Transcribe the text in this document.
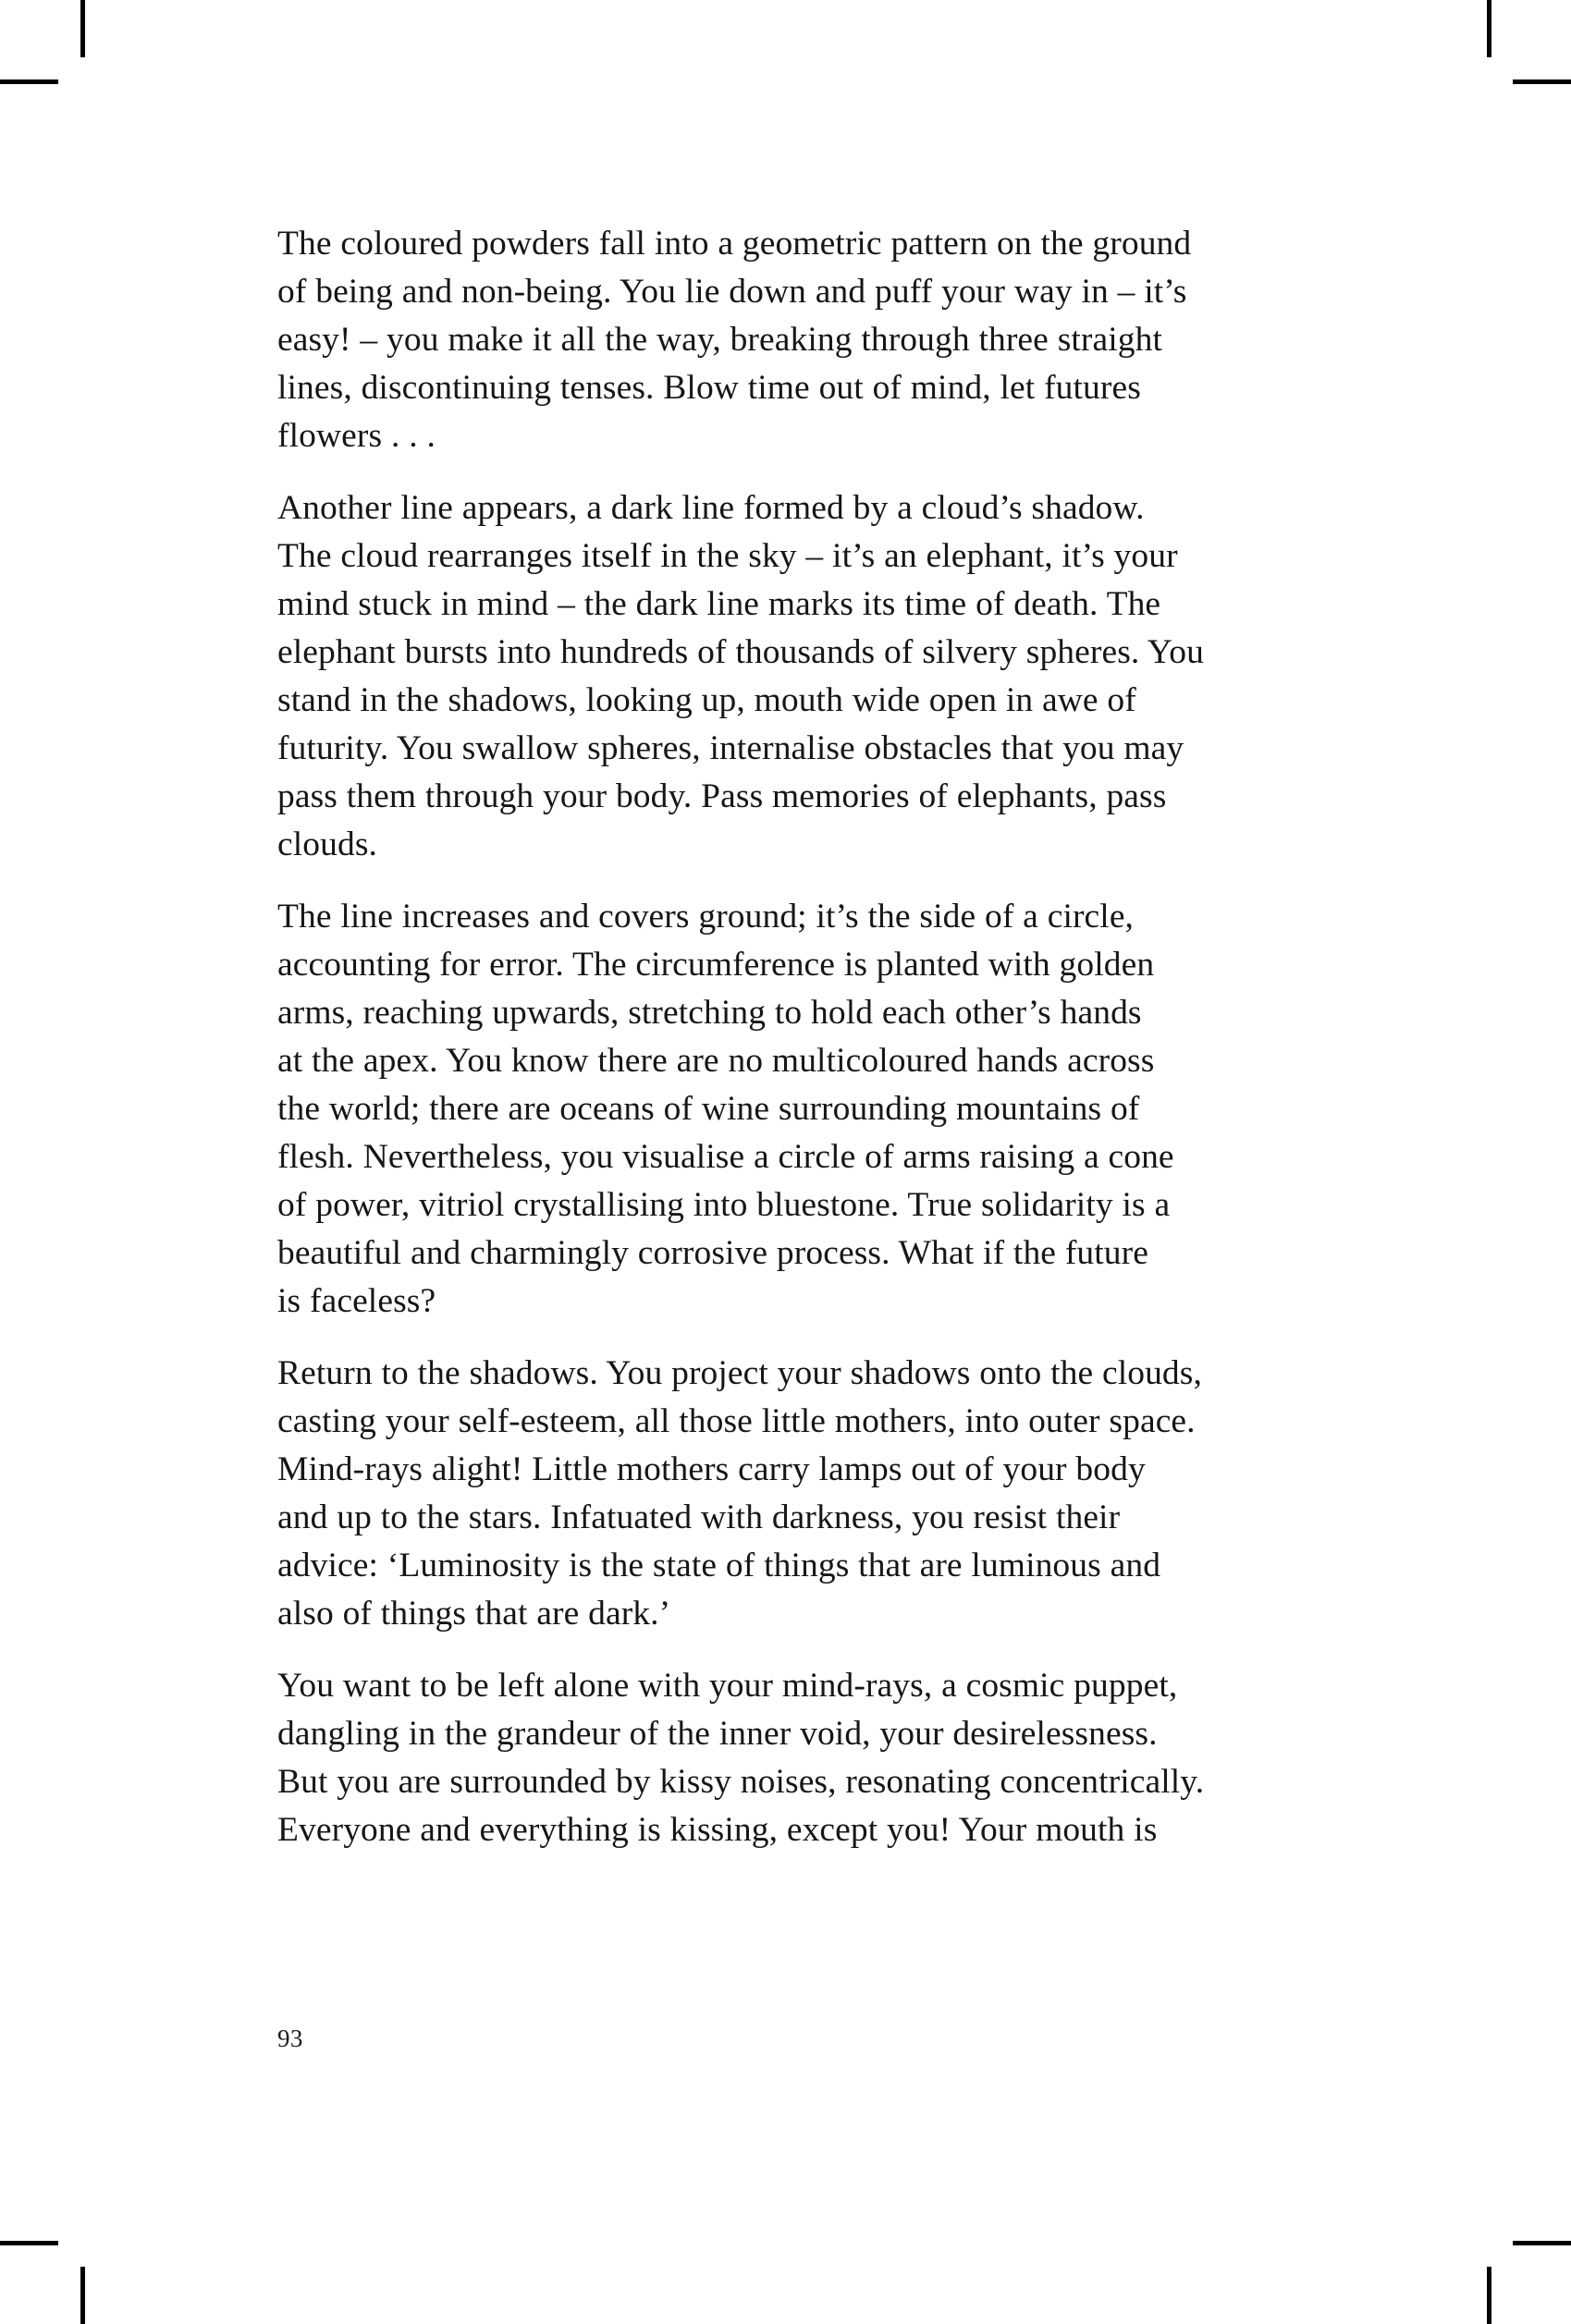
The coloured powders fall into a geometric pattern on the ground
of being and non-being. You lie down and puff your way in – it’s
easy! – you make it all the way, breaking through three straight
lines, discontinuing tenses. Blow time out of mind, let futures
flowers . . .

Another line appears, a dark line formed by a cloud’s shadow.
The cloud rearranges itself in the sky – it’s an elephant, it’s your
mind stuck in mind – the dark line marks its time of death. The
elephant bursts into hundreds of thousands of silvery spheres. You
stand in the shadows, looking up, mouth wide open in awe of
futurity. You swallow spheres, internalise obstacles that you may
pass them through your body. Pass memories of elephants, pass
clouds.

The line increases and covers ground; it’s the side of a circle,
accounting for error. The circumference is planted with golden
arms, reaching upwards, stretching to hold each other’s hands
at the apex. You know there are no multicoloured hands across
the world; there are oceans of wine surrounding mountains of
flesh. Nevertheless, you visualise a circle of arms raising a cone
of power, vitriol crystallising into bluestone. True solidarity is a
beautiful and charmingly corrosive process. What if the future
is faceless?

Return to the shadows. You project your shadows onto the clouds,
casting your self-esteem, all those little mothers, into outer space.
Mind-rays alight! Little mothers carry lamps out of your body
and up to the stars. Infatuated with darkness, you resist their
advice: ‘Luminosity is the state of things that are luminous and
also of things that are dark.’

You want to be left alone with your mind-rays, a cosmic puppet,
dangling in the grandeur of the inner void, your desirelessness.
But you are surrounded by kissy noises, resonating concentrically.
Everyone and everything is kissing, except you! Your mouth is

93
